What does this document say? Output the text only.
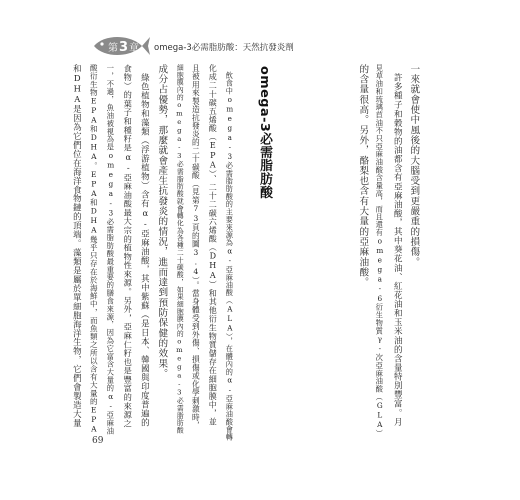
第3章 omega-3必需脂肪酸：天然抗發炎劑
一來就會使中風後的大腦受到更嚴重的損傷。
　許多種子和穀物的油都含有亞麻油酸，其中葵花油、紅花油和玉米油的含量特別豐富。月
見草油和琉璃苣油不只亞麻油酸含量高，而且還有omega-6衍生物質γ-次亞麻油酸（GLA）
的含量很高。另外，酪梨也含有大量的亞麻油酸。
omega-3必需脂肪酸
　飲食中omega-3必需脂肪酸的主要來源為α-亞麻油酸（ALA），在體內的α-亞麻油酸會轉
化成二十碳五烯酸（EPA）、二十二碳六烯酸（DHA）和其他衍生物質儲存在細胞膜中，並
且被用來製造抗發炎的二十碳酸（見第73頁的圖3.4）。當身體受到外傷、損傷或化學刺激時，
細胞膜內的omega-3必需脂肪酸就會轉化為各種二十碳酸，如果細胞膜內的omega-3必需脂肪酸
成分占優勢，那麼就會產生抗發炎的情況，進而達到預防保健的效果。
　綠色植物和藻類（浮游植物）含有α-亞麻油酸，其中紫蘇（是日本、韓國與印度普遍的
食物）的葉子和種籽是α-亞麻油酸最大宗的植物性來源。另外，亞麻仁籽也是豐富的來源之
一，不過，魚油被視為是omega-3必需脂肪酸最重要的膳食來源，因為它富含大量的α-亞麻油
酸衍生物EPA和DHA。EPA和DHA幾乎只存在於海鮮中，而魚類之所以含有大量的EPA
和DHA是因為它們位在海洋食物鏈的頂端。藻類是屬於單細胞海洋生物，它們會製造大量
69
